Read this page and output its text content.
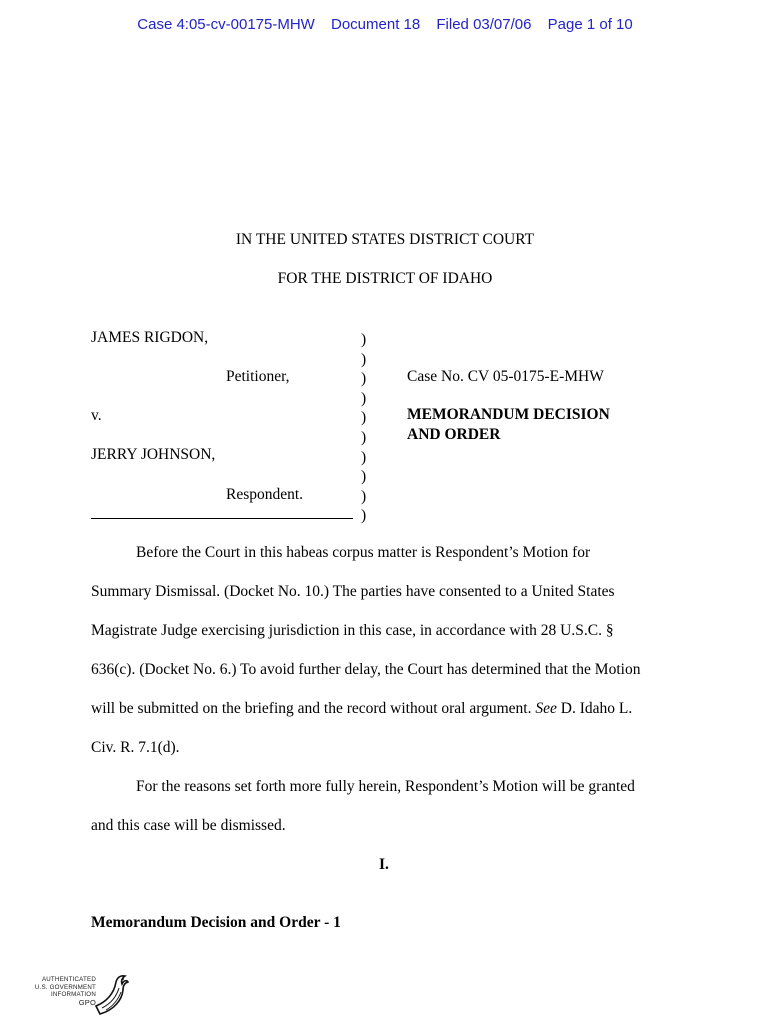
Case 4:05-cv-00175-MHW Document 18 Filed 03/07/06 Page 1 of 10
IN THE UNITED STATES DISTRICT COURT
FOR THE DISTRICT OF IDAHO
JAMES RIGDON,
Petitioner,
v.
JERRY JOHNSON,
Respondent.
)
)
)
)
)
)
)
)
)
)
Case No. CV 05-0175-E-MHW
MEMORANDUM DECISION
AND ORDER
Before the Court in this habeas corpus matter is Respondent’s Motion for
Summary Dismissal. (Docket No. 10.) The parties have consented to a United States
Magistrate Judge exercising jurisdiction in this case, in accordance with 28 U.S.C. §
636(c). (Docket No. 6.) To avoid further delay, the Court has determined that the Motion
will be submitted on the briefing and the record without oral argument. See D. Idaho L.
Civ. R. 7.1(d).
For the reasons set forth more fully herein, Respondent’s Motion will be granted
and this case will be dismissed.
I.
Memorandum Decision and Order - 1
AUTHENTICATED
U.S. GOVERNMENT
INFORMATION
GPO
